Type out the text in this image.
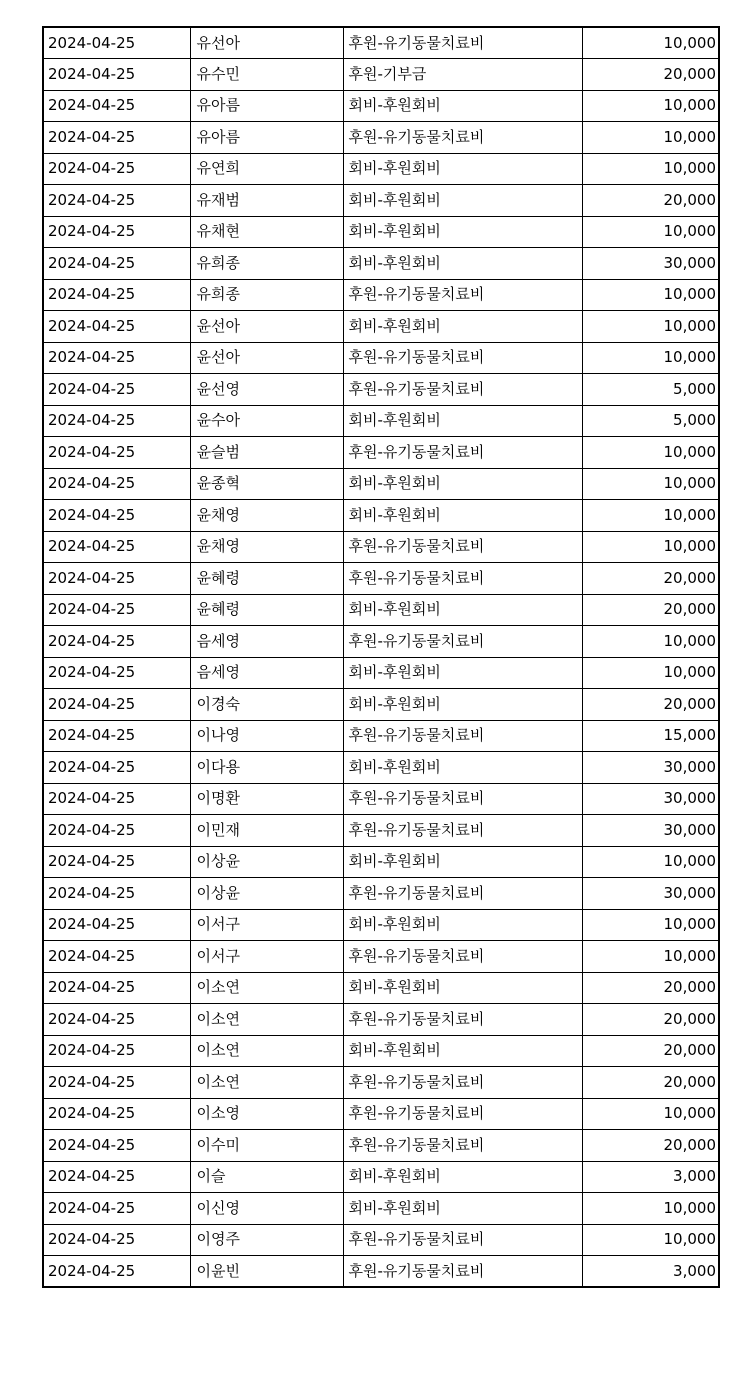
2024-04-25	유선아	후원-유기동물치료비	10,000
2024-04-25	유수민	후원-기부금	20,000
2024-04-25	유아름	회비-후원회비	10,000
2024-04-25	유아름	후원-유기동물치료비	10,000
2024-04-25	유연희	회비-후원회비	10,000
2024-04-25	유재범	회비-후원회비	20,000
2024-04-25	유채현	회비-후원회비	10,000
2024-04-25	유희종	회비-후원회비	30,000
2024-04-25	유희종	후원-유기동물치료비	10,000
2024-04-25	윤선아	회비-후원회비	10,000
2024-04-25	윤선아	후원-유기동물치료비	10,000
2024-04-25	윤선영	후원-유기동물치료비	5,000
2024-04-25	윤수아	회비-후원회비	5,000
2024-04-25	윤슬범	후원-유기동물치료비	10,000
2024-04-25	윤종혁	회비-후원회비	10,000
2024-04-25	윤채영	회비-후원회비	10,000
2024-04-25	윤채영	후원-유기동물치료비	10,000
2024-04-25	윤혜령	후원-유기동물치료비	20,000
2024-04-25	윤혜령	회비-후원회비	20,000
2024-04-25	음세영	후원-유기동물치료비	10,000
2024-04-25	음세영	회비-후원회비	10,000
2024-04-25	이경숙	회비-후원회비	20,000
2024-04-25	이나영	후원-유기동물치료비	15,000
2024-04-25	이다용	회비-후원회비	30,000
2024-04-25	이명환	후원-유기동물치료비	30,000
2024-04-25	이민재	후원-유기동물치료비	30,000
2024-04-25	이상윤	회비-후원회비	10,000
2024-04-25	이상윤	후원-유기동물치료비	30,000
2024-04-25	이서구	회비-후원회비	10,000
2024-04-25	이서구	후원-유기동물치료비	10,000
2024-04-25	이소연	회비-후원회비	20,000
2024-04-25	이소연	후원-유기동물치료비	20,000
2024-04-25	이소연	회비-후원회비	20,000
2024-04-25	이소연	후원-유기동물치료비	20,000
2024-04-25	이소영	후원-유기동물치료비	10,000
2024-04-25	이수미	후원-유기동물치료비	20,000
2024-04-25	이슬	회비-후원회비	3,000
2024-04-25	이신영	회비-후원회비	10,000
2024-04-25	이영주	후원-유기동물치료비	10,000
2024-04-25	이윤빈	후원-유기동물치료비	3,000
